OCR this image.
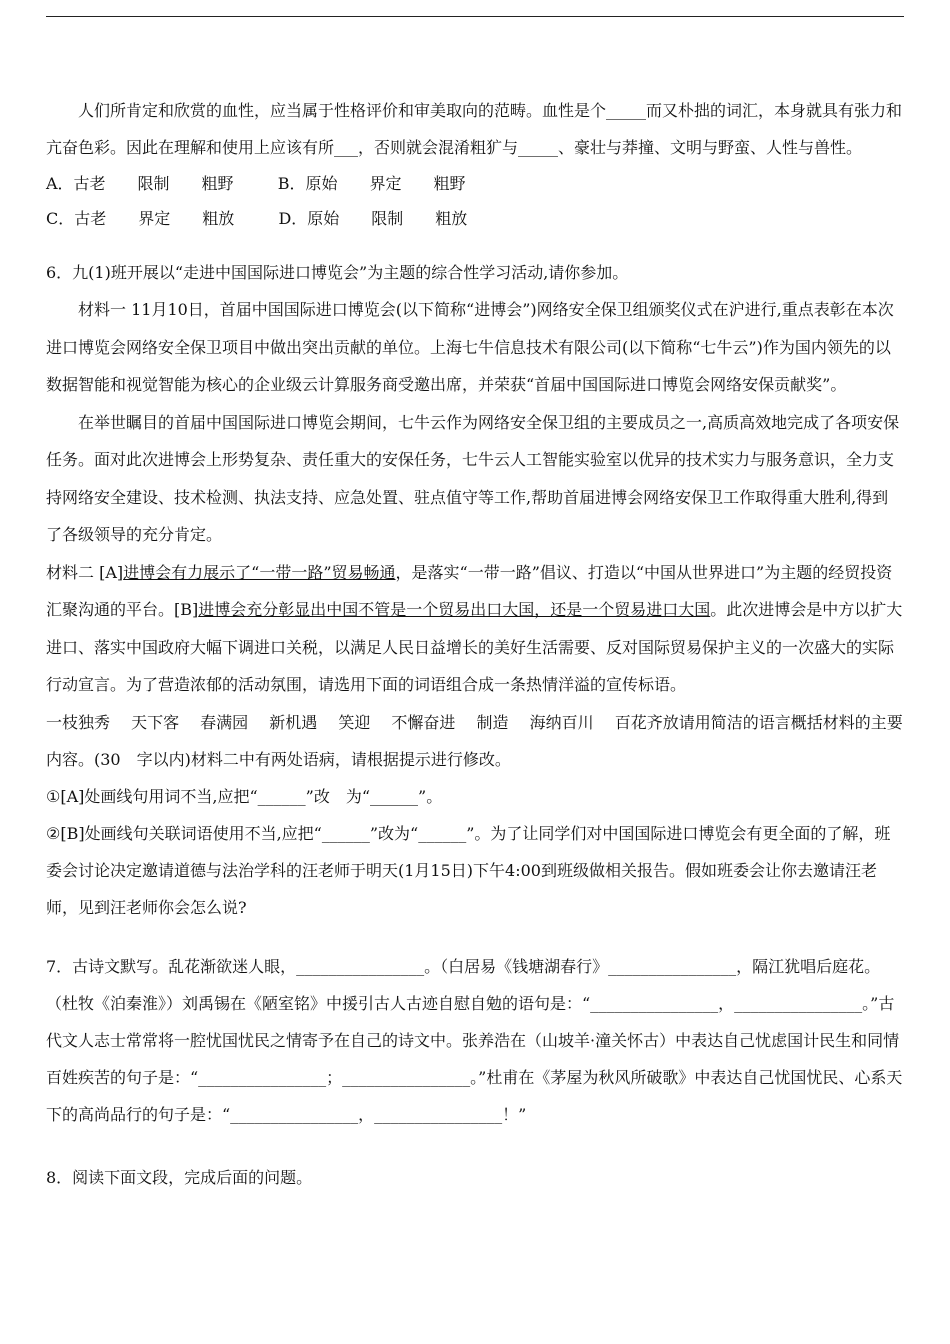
人们所肯定和欣赏的血性，应当属于性格评价和审美取向的范畴。血性是个_____而又朴拙的词汇，本身就具有张力和亢奋色彩。因此在理解和使用上应该有所___，否则就会混淆粗犷与_____、豪壮与莽撞、文明与野蛮、人性与兽性。

A．古老　　限制　　粗野	B．原始　　界定　　粗野

C．古老　　界定　　粗放	D．原始　　限制　　粗放

6．九(1)班开展以“走进中国国际进口博览会”为主题的综合性学习活动,请你参加。

材料一 11月10日，首届中国国际进口博览会(以下简称“进博会”)网络安全保卫组颁奖仪式在沪进行,重点表彰在本次进口博览会网络安全保卫项目中做出突出贡献的单位。上海七牛信息技术有限公司(以下简称“七牛云”)作为国内领先的以数据智能和视觉智能为核心的企业级云计算服务商受邀出席，并荣获“首届中国国际进口博览会网络安保贡献奖”。

在举世瞩目的首届中国国际进口博览会期间，七牛云作为网络安全保卫组的主要成员之一,高质高效地完成了各项安保任务。面对此次进博会上形势复杂、责任重大的安保任务，七牛云人工智能实验室以优异的技术实力与服务意识，全力支持网络安全建设、技术检测、执法支持、应急处置、驻点值守等工作,帮助首届进博会网络安保卫工作取得重大胜利,得到了各级领导的充分肯定。

材料二 [A]进博会有力展示了“一带一路”贸易畅通，是落实“一带一路”倡议、打造以“中国从世界进口”为主题的经贸投资汇聚沟通的平台。[B]进博会充分彰显出中国不管是一个贸易出口大国，还是一个贸易进口大国。此次进博会是中方以扩大进口、落实中国政府大幅下调进口关税，以满足人民日益增长的美好生活需要、反对国际贸易保护主义的一次盛大的实际行动宣言。为了营造浓郁的活动氛围，请选用下面的词语组合成一条热情洋溢的宣传标语。

一枝独秀　 天下客　 春满园　 新机遇　 笑迎　 不懈奋进　 制造　 海纳百川　 百花齐放请用简洁的语言概括材料的主要内容。(30　字以内)材料二中有两处语病，请根据提示进行修改。

①[A]处画线句用词不当,应把“______”改　为“______”。

②[B]处画线句关联词语使用不当,应把“______”改为“______”。为了让同学们对中国国际进口博览会有更全面的了解，班委会讨论决定邀请道德与法治学科的汪老师于明天(1月15日)下午4:00到班级做相关报告。假如班委会让你去邀请汪老师，见到汪老师你会怎么说?

7．古诗文默写。乱花渐欲迷人眼，________________。（白居易《钱塘湖春行》________________，隔江犹唱后庭花。（杜牧《泊秦淮》）刘禹锡在《陋室铭》中援引古人古迹自慰自勉的语句是：“________________，________________。”古代文人志士常常将一腔忧国忧民之情寄予在自己的诗文中。张养浩在（山坡羊·潼关怀古）中表达自己忧虑国计民生和同情百姓疾苦的句子是：“________________；________________。”杜甫在《茅屋为秋风所破歌》中表达自己忧国忧民、心系天下的高尚品行的句子是：“________________，________________！”

8．阅读下面文段，完成后面的问题。
